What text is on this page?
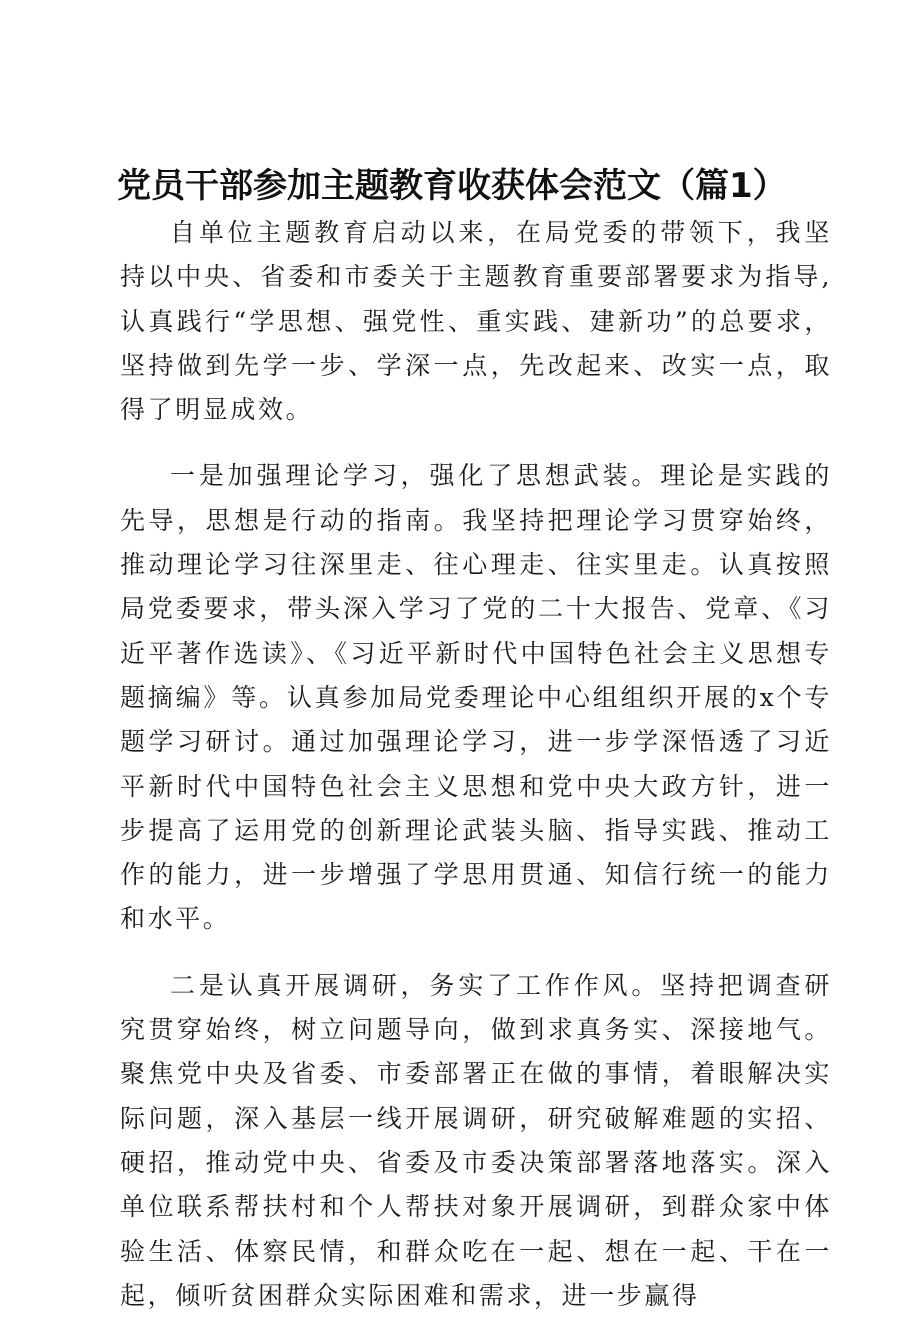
党员干部参加主题教育收获体会范文（篇1）

自单位主题教育启动以来，在局党委的带领下，我坚持以中央、省委和市委关于主题教育重要部署要求为指导,认真践行“学思想、强党性、重实践、建新功”的总要求，坚持做到先学一步、学深一点，先改起来、改实一点，取得了明显成效。

一是加强理论学习，强化了思想武装。理论是实践的先导，思想是行动的指南。我坚持把理论学习贯穿始终，推动理论学习往深里走、往心理走、往实里走。认真按照局党委要求，带头深入学习了党的二十大报告、党章、《习近平著作选读》、《习近平新时代中国特色社会主义思想专题摘编》等。认真参加局党委理论中心组组织开展的x个专题学习研讨。通过加强理论学习，进一步学深悟透了习近平新时代中国特色社会主义思想和党中央大政方针，进一步提高了运用党的创新理论武装头脑、指导实践、推动工作的能力，进一步增强了学思用贯通、知信行统一的能力和水平。

二是认真开展调研，务实了工作作风。坚持把调查研究贯穿始终，树立问题导向，做到求真务实、深接地气。聚焦党中央及省委、市委部署正在做的事情，着眼解决实际问题，深入基层一线开展调研，研究破解难题的实招、硬招，推动党中央、省委及市委决策部署落地落实。深入单位联系帮扶村和个人帮扶对象开展调研，到群众家中体验生活、体察民情，和群众吃在一起、想在一起、干在一起，倾听贫困群众实际困难和需求，进一步赢得
